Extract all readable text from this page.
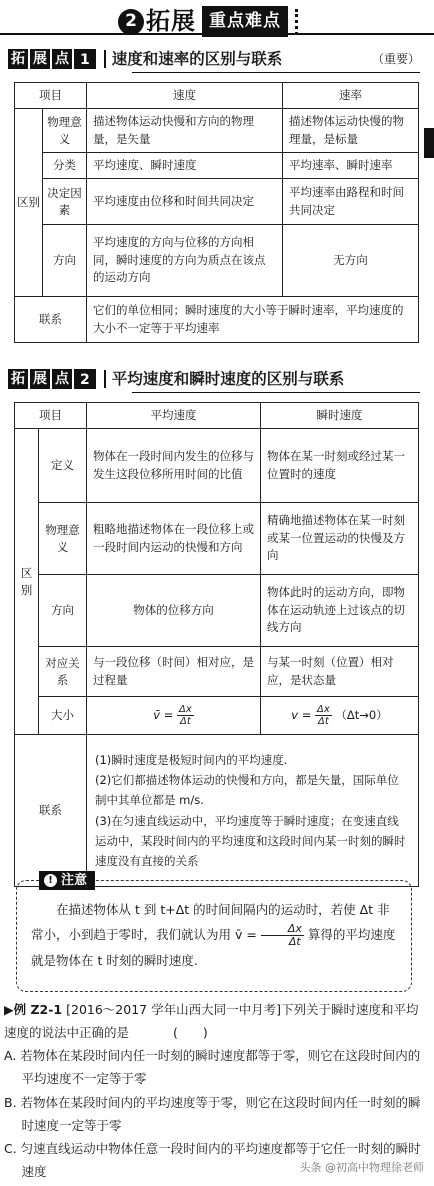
2 拓展 重点难点
拓 展 点 1	速度和速率的区别与联系	（重要）
项目		速度	速率
区别	物理意义	描述物体运动快慢和方向的物理量，是矢量	描述物体运动快慢的物理量，是标量
	分类	平均速度、瞬时速度	平均速率、瞬时速率
	决定因素	平均速度由位移和时间共同决定	平均速率由路程和时间共同决定
	方向	平均速度的方向与位移的方向相同，瞬时速度的方向为质点在该点的运动方向	无方向
联系		它们的单位相同；瞬时速度的大小等于瞬时速率，平均速度的大小不一定等于平均速率	
拓 展 点 2	平均速度和瞬时速度的区别与联系
项目		平均速度	瞬时速度
区别	定义	物体在一段时间内发生的位移与发生这段位移所用时间的比值	物体在某一时刻或经过某一位置时的速度
	物理意义	粗略地描述物体在一段位移上或一段时间内运动的快慢和方向	精确地描述物体在某一时刻或某一位置运动的快慢及方向
	方向	物体的位移方向	物体此时的运动方向，即物体在运动轨迹上过该点的切线方向
	对应关系	与一段位移（时间）相对应，是过程量	与某一时刻（位置）相对应，是状态量
	大小	v̄ = $\frac{\Delta x}{\Delta t}$	$v = \frac{\Delta x}{\Delta t} (\Delta t\to 0)$
联系		(1)瞬时速度是极短时间内的平均速度.
(2)它们都描述物体运动的快慢和方向，都是矢量，国际单位制中其单位都是 m/s.
(3)在匀速直线运动中，平均速度等于瞬时速度；在变速直线运动中，某段时间内的平均速度和这段时间内某一时刻的瞬时速度没有直接的关系	
! 注意

在描述物体从 t 到 t+Δt 的时间间隔内的运动时，若使 Δt 非常小，小到趋于零时，我们就认为用 v̄ = $\frac{\Delta x}{\Delta t}$ 算得的平均速度就是物体在 t 时刻的瞬时速度.

▶例 Z2-1 [2016～2017 学年山西大同一中月考]下列关于瞬时速度和平均速度的说法中正确的是	(　　)
A. 若物体在某段时间内任一时刻的瞬时速度都等于零，则它在这段时间内的平均速度不一定等于零
B. 若物体在某段时间内的平均速度等于零，则它在这段时间内任一时刻的瞬时速度一定等于零
C. 匀速直线运动中物体任意一段时间内的平均速度都等于它任一时刻的瞬时速度	头条 @初高中物理徐老师
